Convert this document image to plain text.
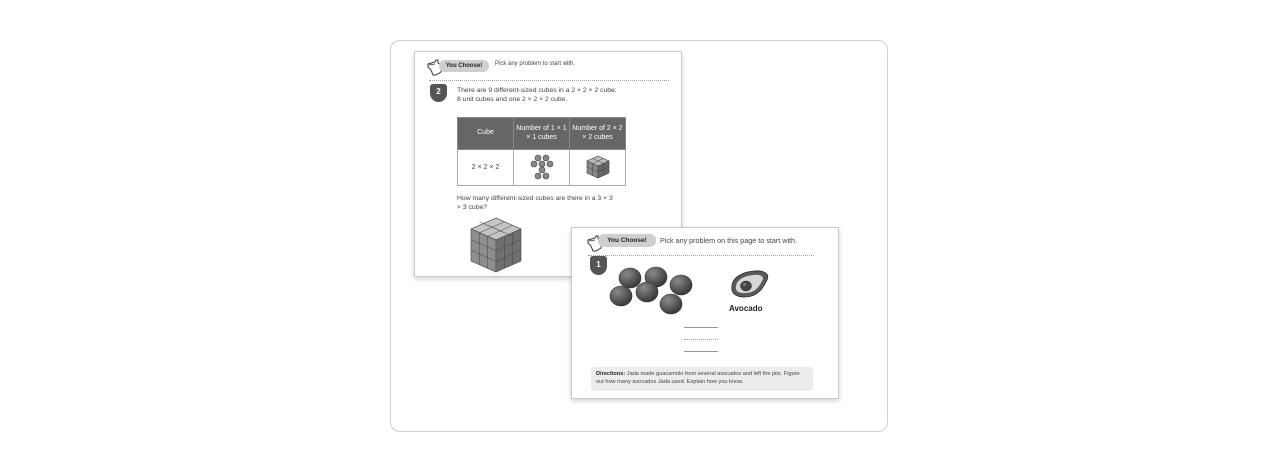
You Choose!	Pick any problem to start with.
2	There are 9 different-sized cubes in a 2 × 2 × 2 cube: 8 unit cubes and one 2 × 2 × 2 cube.
Cube	Number of 1 × 1 × 1 cubes	Number of 2 × 2 × 2 cubes
2 × 2 × 2		
How many different-sized cubes are there in a 3 × 3 × 3 cube?
You Choose!	Pick any problem on this page to start with.
1
Avocado
Directions: Jada made guacamole from several avocados and left the pits. Figure out how many avocados Jada used. Explain how you know.
